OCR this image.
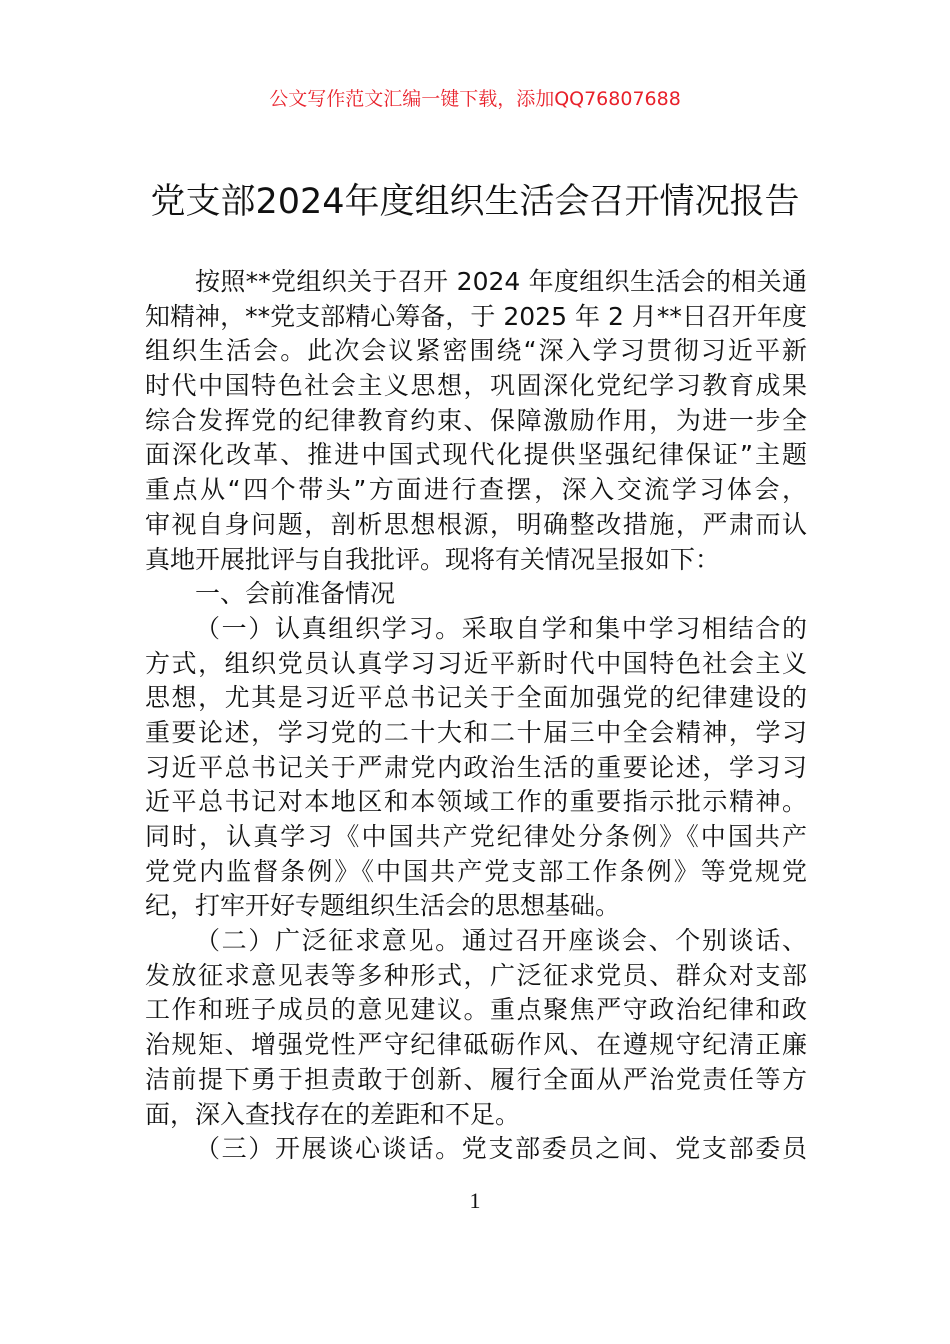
公文写作范文汇编一键下载，添加QQ76807688
党支部2024年度组织生活会召开情况报告
按照**党组织关于召开 2024 年度组织生活会的相关通
知精神，**党支部精心筹备，于 2025 年 2 月**日召开年度
组织生活会。此次会议紧密围绕“深入学习贯彻习近平新
时代中国特色社会主义思想，巩固深化党纪学习教育成果
综合发挥党的纪律教育约束、保障激励作用，为进一步全
面深化改革、推进中国式现代化提供坚强纪律保证”主题
重点从“四个带头”方面进行查摆，深入交流学习体会，
审视自身问题，剖析思想根源，明确整改措施，严肃而认
真地开展批评与自我批评。现将有关情况呈报如下：
一、会前准备情况
（一）认真组织学习。采取自学和集中学习相结合的
方式，组织党员认真学习习近平新时代中国特色社会主义
思想，尤其是习近平总书记关于全面加强党的纪律建设的
重要论述，学习党的二十大和二十届三中全会精神，学习
习近平总书记关于严肃党内政治生活的重要论述，学习习
近平总书记对本地区和本领域工作的重要指示批示精神。
同时，认真学习《中国共产党纪律处分条例》《中国共产
党党内监督条例》《中国共产党支部工作条例》等党规党
纪，打牢开好专题组织生活会的思想基础。
（二）广泛征求意见。通过召开座谈会、个别谈话、
发放征求意见表等多种形式，广泛征求党员、群众对支部
工作和班子成员的意见建议。重点聚焦严守政治纪律和政
治规矩、增强党性严守纪律砥砺作风、在遵规守纪清正廉
洁前提下勇于担责敢于创新、履行全面从严治党责任等方
面，深入查找存在的差距和不足。
（三）开展谈心谈话。党支部委员之间、党支部委员
1
